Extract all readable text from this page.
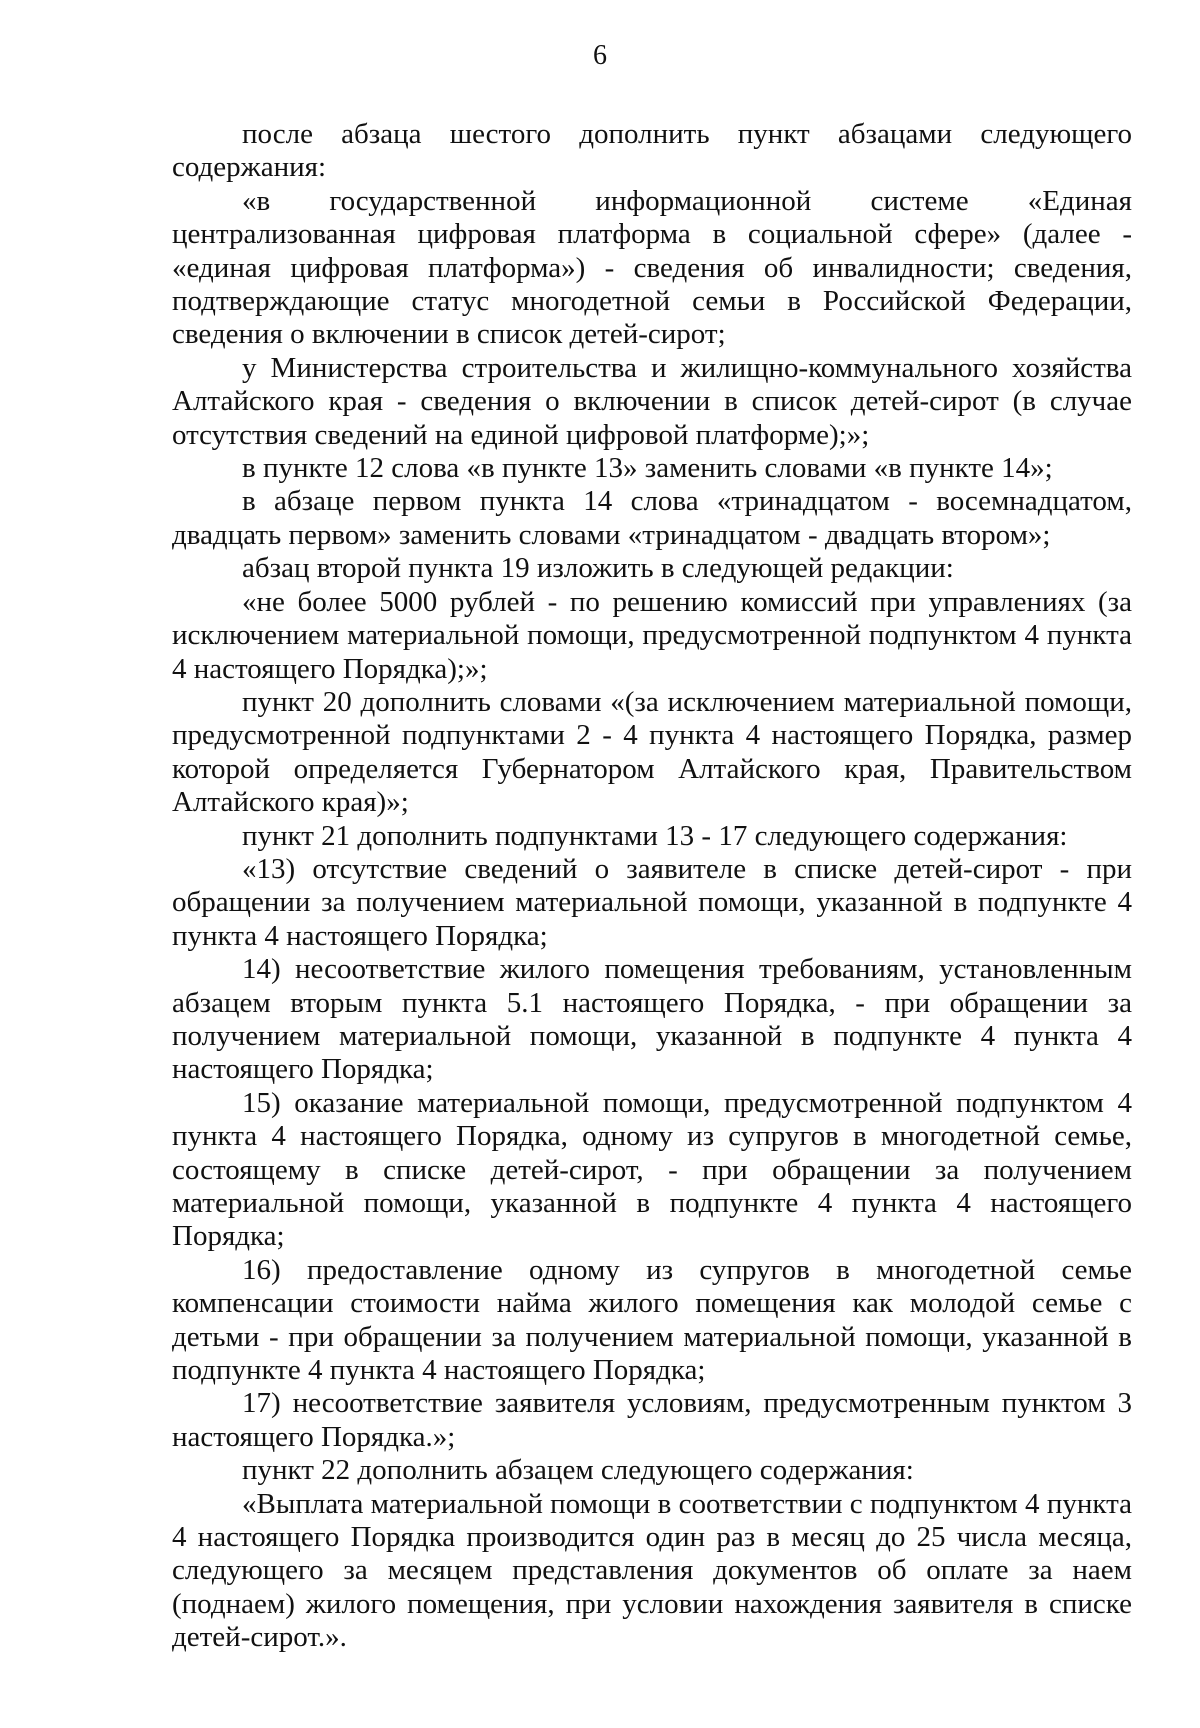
6

после абзаца шестого дополнить пункт абзацами следующего содержания:

«в государственной информационной системе «Единая централизованная цифровая платформа в социальной сфере» (далее - «единая цифровая платформа») - сведения об инвалидности; сведения, подтверждающие статус многодетной семьи в Российской Федерации, сведения о включении в список детей-сирот;

у Министерства строительства и жилищно-коммунального хозяйства Алтайского края - сведения о включении в список детей-сирот (в случае отсутствия сведений на единой цифровой платформе);»;

в пункте 12 слова «в пункте 13» заменить словами «в пункте 14»;

в абзаце первом пункта 14 слова «тринадцатом - восемнадцатом, двадцать первом» заменить словами «тринадцатом - двадцать втором»;

абзац второй пункта 19 изложить в следующей редакции:

«не более 5000 рублей - по решению комиссий при управлениях (за исключением материальной помощи, предусмотренной подпунктом 4 пункта 4 настоящего Порядка);»;

пункт 20 дополнить словами «(за исключением материальной помощи, предусмотренной подпунктами 2 - 4 пункта 4 настоящего Порядка, размер которой определяется Губернатором Алтайского края, Правительством Алтайского края)»;

пункт 21 дополнить подпунктами 13 - 17 следующего содержания:

«13) отсутствие сведений о заявителе в списке детей-сирот - при обращении за получением материальной помощи, указанной в подпункте 4 пункта 4 настоящего Порядка;

14) несоответствие жилого помещения требованиям, установленным абзацем вторым пункта 5.1 настоящего Порядка, - при обращении за получением материальной помощи, указанной в подпункте 4 пункта 4 настоящего Порядка;

15) оказание материальной помощи, предусмотренной подпунктом 4 пункта 4 настоящего Порядка, одному из супругов в многодетной семье, состоящему в списке детей-сирот, - при обращении за получением материальной помощи, указанной в подпункте 4 пункта 4 настоящего Порядка;

16) предоставление одному из супругов в многодетной семье компенсации стоимости найма жилого помещения как молодой семье с детьми - при обращении за получением материальной помощи, указанной в подпункте 4 пункта 4 настоящего Порядка;

17) несоответствие заявителя условиям, предусмотренным пунктом 3 настоящего Порядка.»;

пункт 22 дополнить абзацем следующего содержания:

«Выплата материальной помощи в соответствии с подпунктом 4 пункта 4 настоящего Порядка производится один раз в месяц до 25 числа месяца, следующего за месяцем представления документов об оплате за наем (поднаем) жилого помещения, при условии нахождения заявителя в списке детей-сирот.».
